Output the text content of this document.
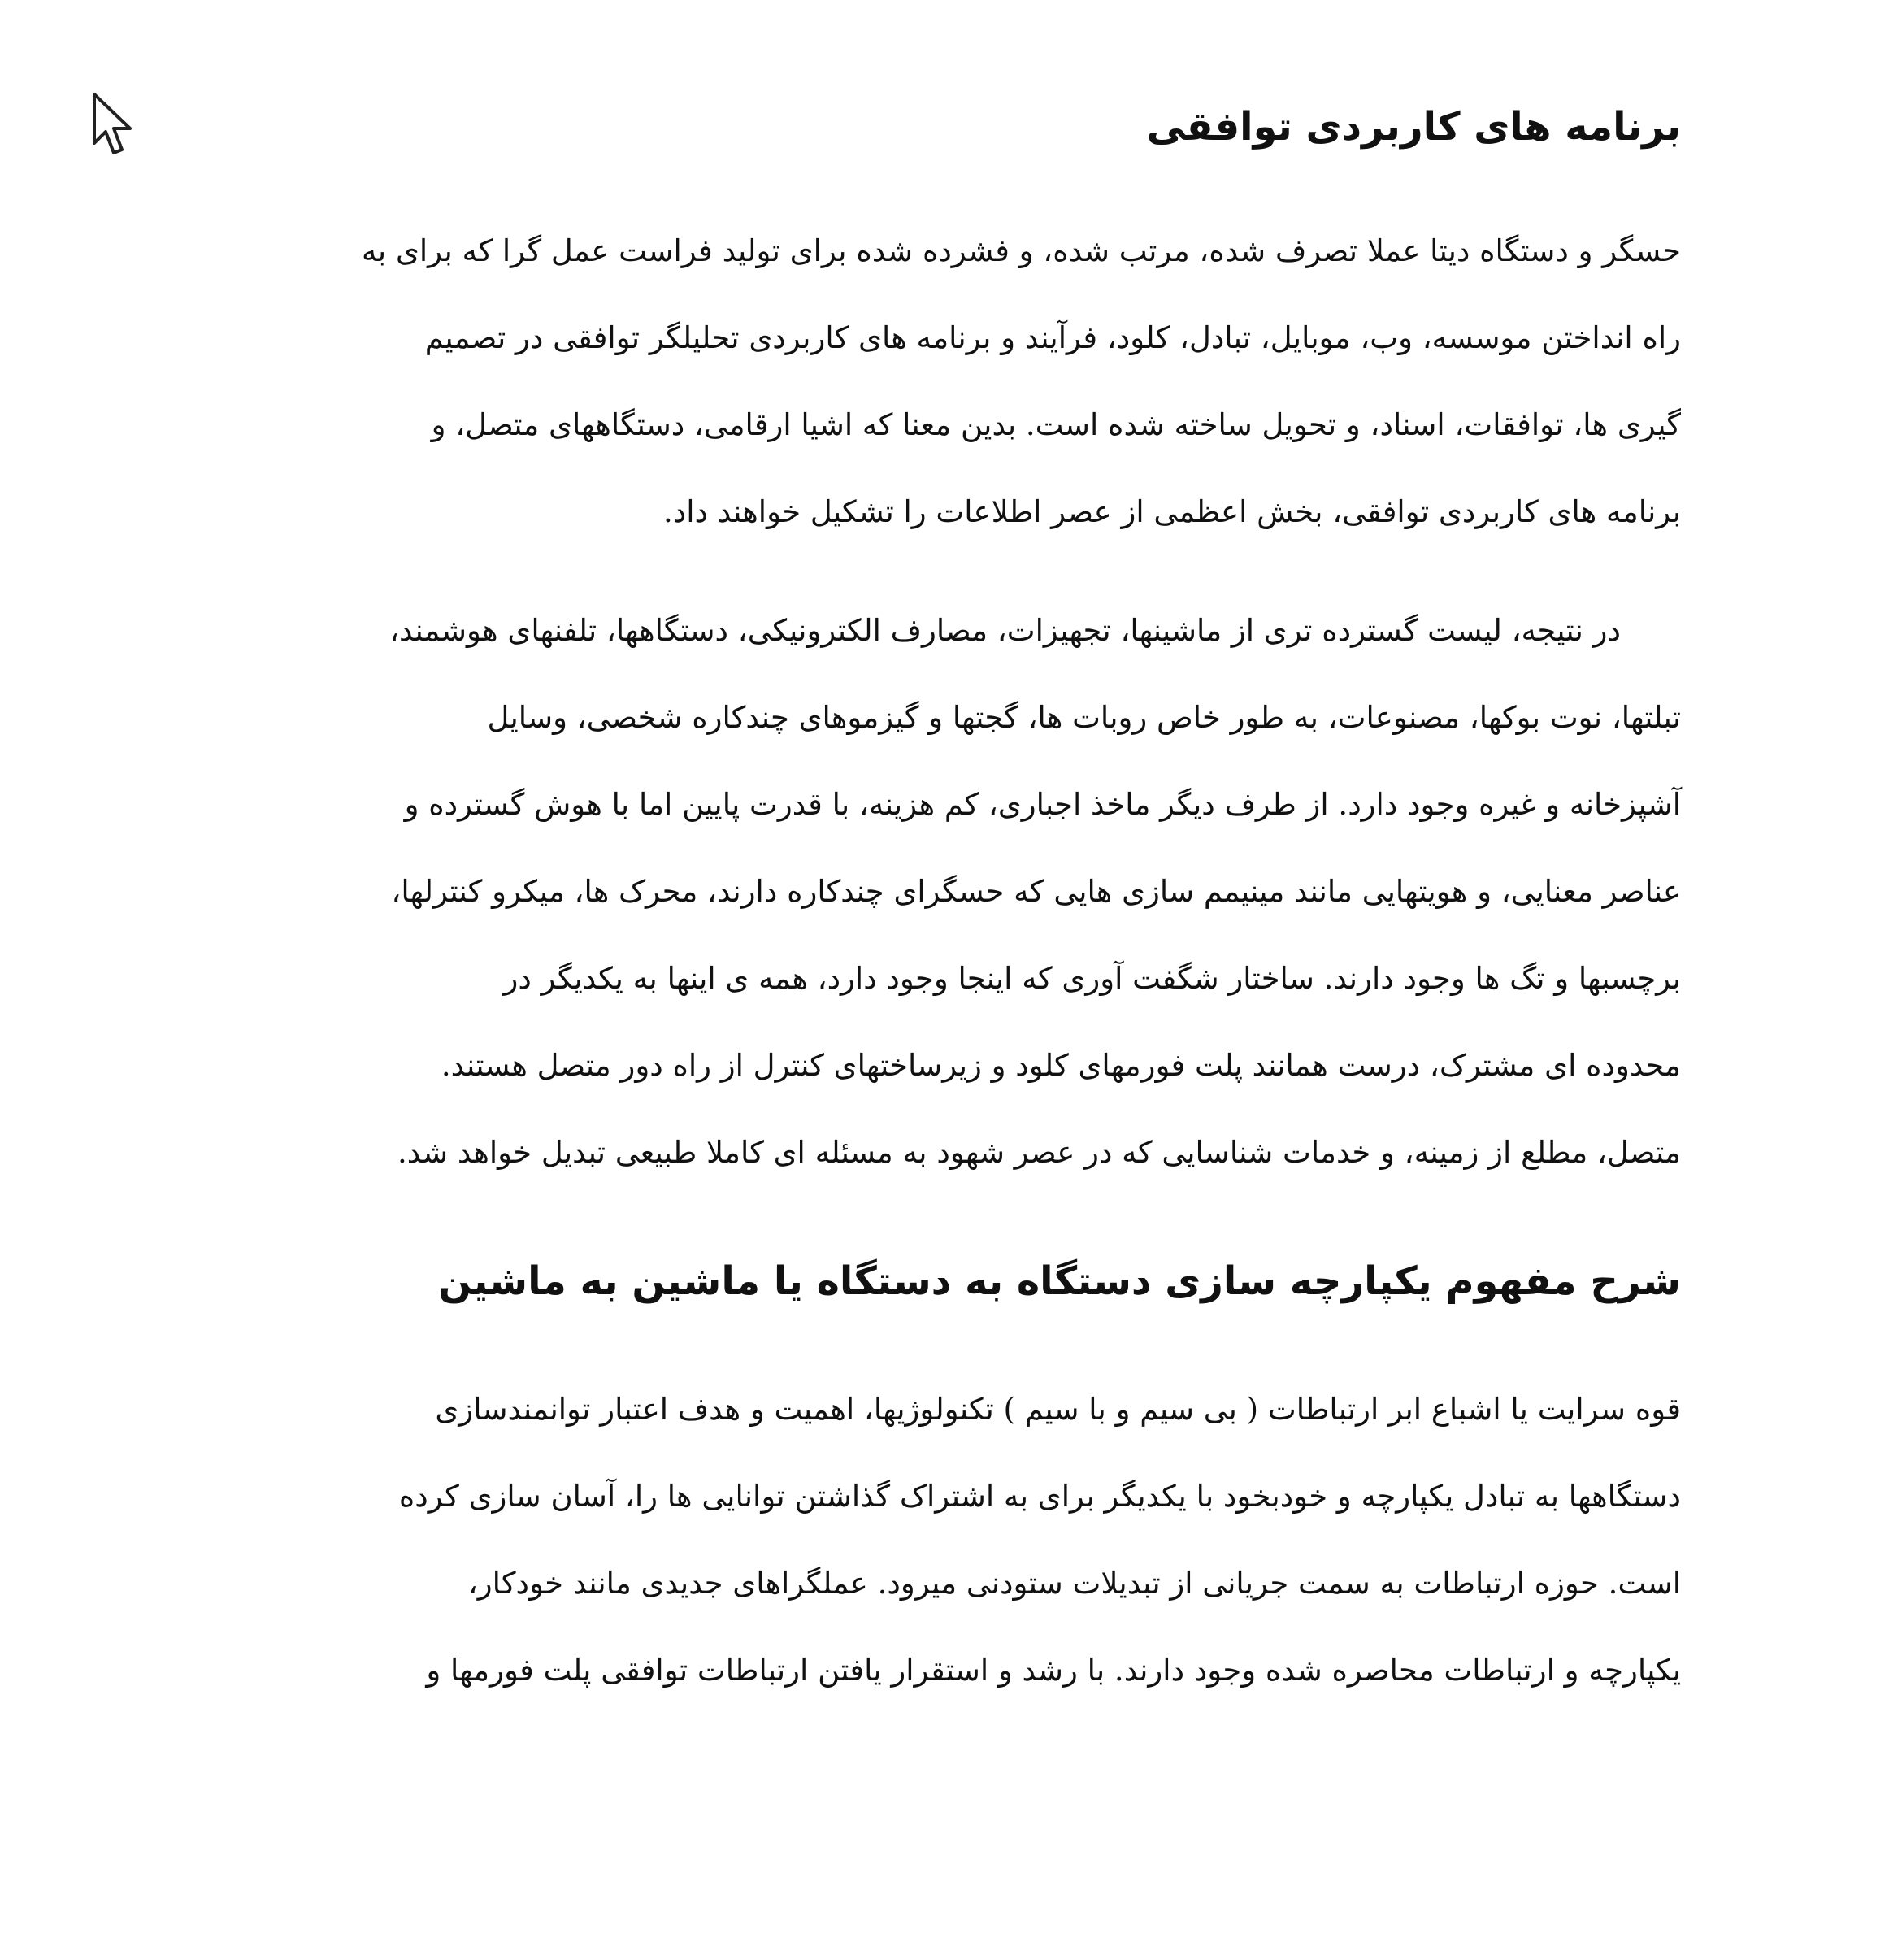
برنامه های کاربردی توافقی
حسگر و دستگاه دیتا عملا تصرف شده، مرتب شده، و فشرده شده برای تولید فراست عمل گرا که برای به
راه انداختن موسسه، وب، موبایل، تبادل، کلود، فرآیند و برنامه های کاربردی تحلیلگر توافقی در تصمیم
گیری ها، توافقات، اسناد، و تحویل ساخته شده است. بدین معنا که اشیا ارقامی، دستگاههای متصل، و
برنامه های کاربردی توافقی، بخش اعظمی از عصر اطلاعات را تشکیل خواهند داد.
در نتیجه، لیست گسترده تری از ماشینها، تجهیزات، مصارف الکترونیکی، دستگاهها، تلفنهای هوشمند،
تبلتها، نوت بوکها، مصنوعات، به طور خاص روبات ها، گجتها و گیزموهای چندکاره شخصی، وسایل
آشپزخانه و غیره وجود دارد. از طرف دیگر ماخذ اجباری، کم هزینه، با قدرت پایین اما با هوش گسترده و
عناصر معنایی، و هویتهایی مانند مینیمم سازی هایی که حسگرای چندکاره دارند، محرک ها، میکرو کنترلها،
برچسبها و تگ ها وجود دارند. ساختار شگفت آوری که اینجا وجود دارد، همه ی اینها به یکدیگر در
محدوده ای مشترک، درست همانند پلت فورمهای کلود و زیرساختهای کنترل از راه دور متصل هستند.
متصل، مطلع از زمینه، و خدمات شناسایی که در عصر شهود به مسئله ای کاملا طبیعی تبدیل خواهد شد.
شرح مفهوم یکپارچه سازی دستگاه به دستگاه یا ماشین به ماشین
قوه سرایت یا اشباع ابر ارتباطات ( بی سیم و با سیم ) تکنولوژیها، اهمیت و هدف اعتبار توانمندسازی
دستگاهها به تبادل یکپارچه و خودبخود با یکدیگر برای به اشتراک گذاشتن توانایی ها را، آسان سازی کرده
است. حوزه ارتباطات به سمت جریانی از تبدیلات ستودنی میرود. عملگراهای جدیدی مانند خودکار،
یکپارچه و ارتباطات محاصره شده وجود دارند. با رشد و استقرار یافتن ارتباطات توافقی پلت فورمها و
